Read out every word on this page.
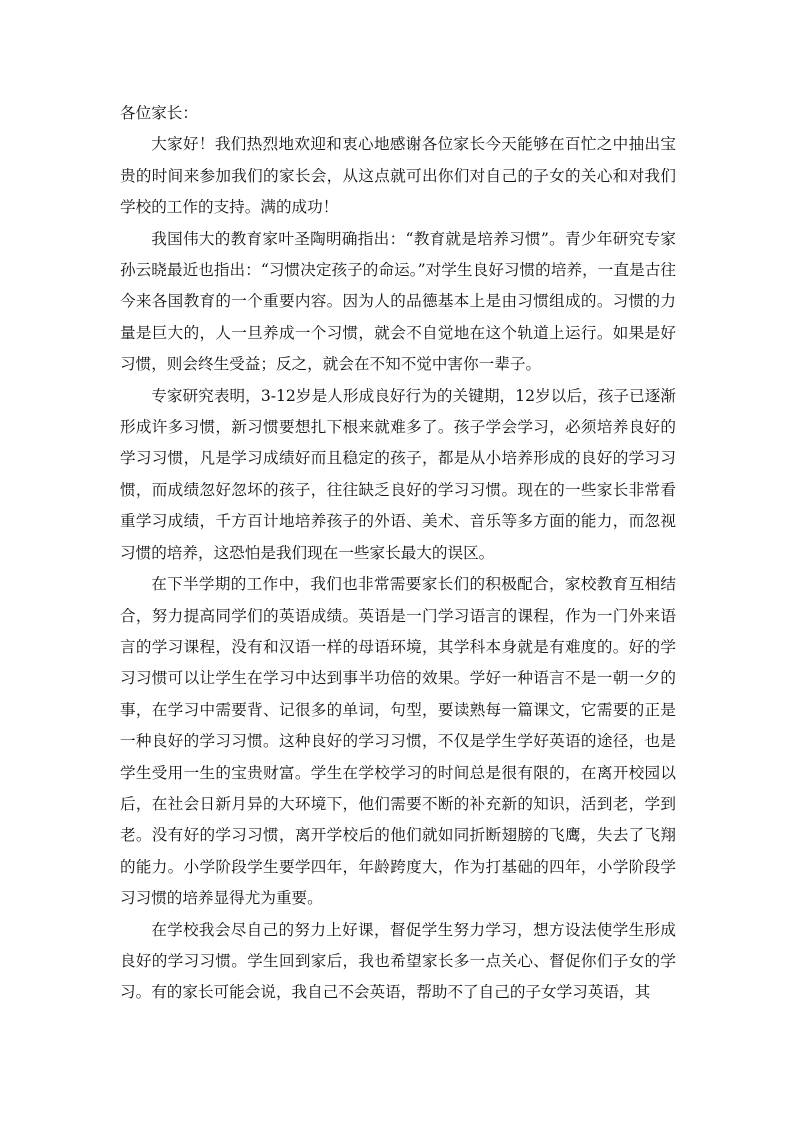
各位家长：

大家好！我们热烈地欢迎和衷心地感谢各位家长今天能够在百忙之中抽出宝贵的时间来参加我们的家长会，从这点就可出你们对自己的子女的关心和对我们学校的工作的支持。满的成功！

我国伟大的教育家叶圣陶明确指出：“教育就是培养习惯”。青少年研究专家孙云晓最近也指出：“习惯决定孩子的命运。”对学生良好习惯的培养，一直是古往今来各国教育的一个重要内容。因为人的品德基本上是由习惯组成的。习惯的力量是巨大的，人一旦养成一个习惯，就会不自觉地在这个轨道上运行。如果是好习惯，则会终生受益；反之，就会在不知不觉中害你一辈子。

专家研究表明，3-12岁是人形成良好行为的关键期，12岁以后，孩子已逐渐形成许多习惯，新习惯要想扎下根来就难多了。孩子学会学习，必须培养良好的学习习惯，凡是学习成绩好而且稳定的孩子，都是从小培养形成的良好的学习习惯，而成绩忽好忽坏的孩子，往往缺乏良好的学习习惯。现在的一些家长非常看重学习成绩，千方百计地培养孩子的外语、美术、音乐等多方面的能力，而忽视习惯的培养，这恐怕是我们现在一些家长最大的误区。

在下半学期的工作中，我们也非常需要家长们的积极配合，家校教育互相结合，努力提高同学们的英语成绩。英语是一门学习语言的课程，作为一门外来语言的学习课程，没有和汉语一样的母语环境，其学科本身就是有难度的。好的学习习惯可以让学生在学习中达到事半功倍的效果。学好一种语言不是一朝一夕的事，在学习中需要背、记很多的单词，句型，要读熟每一篇课文，它需要的正是一种良好的学习习惯。这种良好的学习习惯，不仅是学生学好英语的途径，也是学生受用一生的宝贵财富。学生在学校学习的时间总是很有限的，在离开校园以后，在社会日新月异的大环境下，他们需要不断的补充新的知识，活到老，学到老。没有好的学习习惯，离开学校后的他们就如同折断翅膀的飞鹰，失去了飞翔的能力。小学阶段学生要学四年，年龄跨度大，作为打基础的四年，小学阶段学习习惯的培养显得尤为重要。

在学校我会尽自己的努力上好课，督促学生努力学习，想方设法使学生形成良好的学习习惯。学生回到家后，我也希望家长多一点关心、督促你们子女的学习。有的家长可能会说，我自己不会英语，帮助不了自己的子女学习英语，其
